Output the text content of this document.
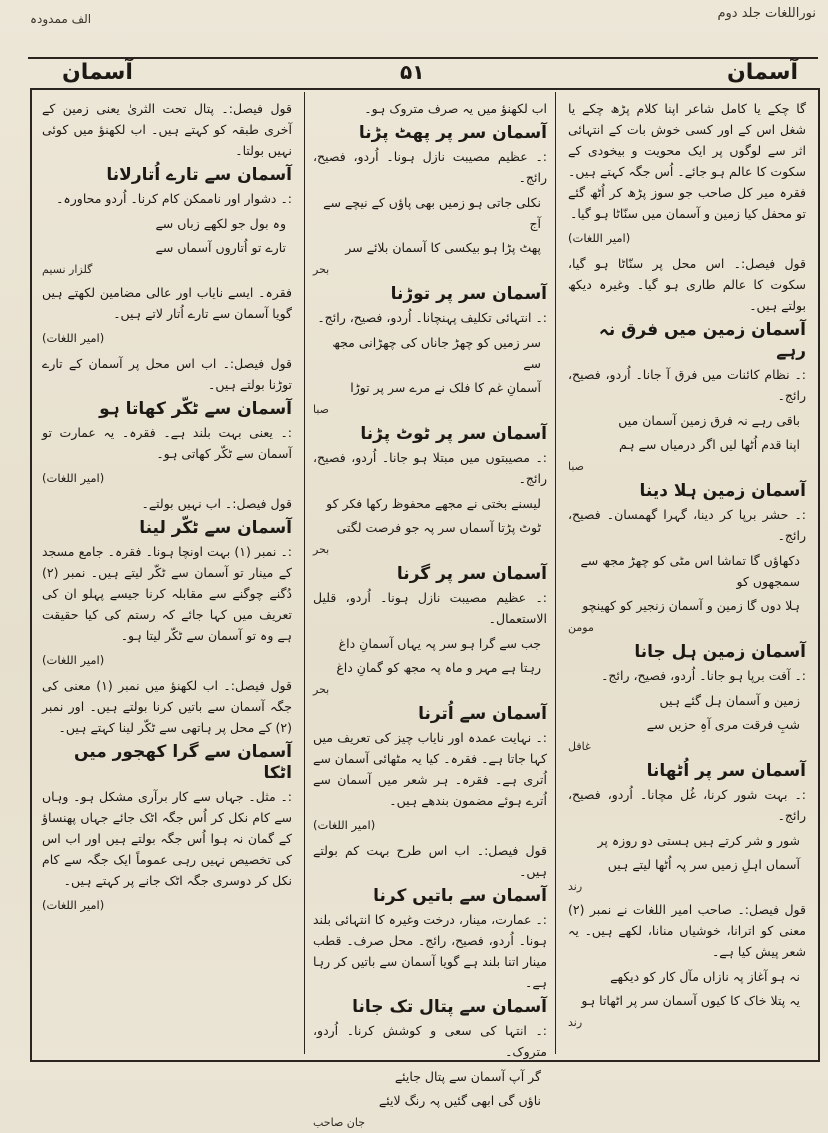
نوراللغات جلد دوم
الف ممدودہ
آسمان	۵۱	آسمان

گا چکے یا کامل شاعر اپنا کلام پڑھ چکے یا شغل اس کے اور کسی خوش بات کے انتہائی اثر سے لوگوں پر ایک محویت و بیخودی کے سکوت کا عالم ہو جائے۔ اُس جگہ کہتے ہیں۔ فقرہ میر کل صاحب جو سوز پڑھ کر اُٹھ گئے تو محفل کیا زمین و آسمان میں سنّاٹا ہو گیا۔

(امیر اللغات)

قول فیصل:۔ اس محل پر سنّاٹا ہو گیا، سکوت کا عالم طاری ہو گیا۔ وغیرہ دیکھ بولتے ہیں۔

آسمان زمین میں فرق نہ رہے

:۔ نظام کائنات میں فرق آ جانا۔ اُردو، فصیح، رائج۔

باقی رہے نہ فرق زمین آسمان میں
اپنا قدم اُٹھا لیں اگر درمیاں سے ہم
صبا
آسمان زمین ہلا دینا

:۔ حشر برپا کر دینا، گہرا گھمسان۔ فصیح، رائج۔

دکھاؤں گا تماشا اس مٹی کو چھڑ مجھ سے سمجھوں کو
ہلا دوں گا زمین و آسمان زنجیر کو کھینچو
مومن
آسمان زمین ہل جانا

:۔ آفت برپا ہو جانا۔ اُردو، فصیح، رائج۔

زمین و آسمان ہل گئے ہیں
شبِ فرقت مری آہِ حزیں سے
غافل
آسمان سر پر اُٹھانا

:۔ بہت شور کرنا، غُل مچانا۔ اُردو، فصیح، رائج۔

شور و شر کرتے ہیں ہستی دو روزہ پر
آسماں اہلِ زمیں سر پہ اُٹھا لیتے ہیں
رند

قول فیصل:۔ صاحب امیر اللغات نے نمبر (۲) معنی کو اترانا، خوشیاں منانا، لکھے ہیں۔ یہ شعر پیش کیا ہے۔

نہ ہو آغاز پہ نازاں مآل کار کو دیکھے
یہ پتلا خاک کا کیوں آسمان سر پر اٹھاتا ہو
رند

اب لکھنؤ میں یہ صرف متروک ہو۔

آسمان سر پر پھٹ پڑنا

:۔ عظیم مصیبت نازل ہونا۔ اُردو، فصیح، رائج۔

نکلی جاتی ہو زمیں بھی پاؤں کے نیچے سے آج
پھٹ پڑا ہو بیکسی کا آسمان بلائے سر
بحر
آسمان سر پر توڑنا

:۔ انتہائی تکلیف پہنچانا۔ اُردو، فصیح، رائج۔

سر زمیں کو چھڑ جاناں کی چھڑانی مجھ سے
آسمانِ غم کا فلک نے مرے سر پر توڑا
صبا
آسمان سر پر ٹوٹ پڑنا

:۔ مصیبتوں میں مبتلا ہو جانا۔ اُردو، فصیح، رائج۔

لیسنے بختی نے مجھے محفوظ رکھا فکر کو
ٹوٹ پڑتا آسماں سر پہ جو فرصت لگتی
بحر
آسمان سر پر گرنا

:۔ عظیم مصیبت نازل ہونا۔ اُردو، قلیل الاستعمال۔

جب سے گرا ہو سر پہ یہاں آسمانِ داغ
رہتا ہے مہر و ماہ پہ مجھ کو گمانِ داغ
بحر
آسمان سے اُترنا

:۔ نہایت عمدہ اور نایاب چیز کی تعریف میں کہا جاتا ہے۔ فقرہ۔ کیا یہ مٹھائی آسمان سے اُتری ہے۔ فقرہ۔ ہر شعر میں آسمان سے اُترے ہوئے مضمون بندھے ہیں۔

(امیر اللغات)

قول فیصل:۔ اب اس طرح بہت کم بولتے ہیں۔

آسمان سے باتیں کرنا

:۔ عمارت، مینار، درخت وغیرہ کا انتہائی بلند ہونا۔ اُردو، فصیح، رائج۔ محل صرف۔ قطب مینار اتنا بلند ہے گویا آسمان سے باتیں کر رہا ہے۔

آسمان سے پتال تک جانا

:۔ انتہا کی سعی و کوشش کرنا۔ اُردو، متروک۔

گر آپ آسمان سے پتال جایئے
ناؤں گی ابھی گئیں پہ رنگ لایئے
جان صاحب

قول فیصل:۔ پتال تحت الثریٰ یعنی زمین کے آخری طبقہ کو کہتے ہیں۔ اب لکھنؤ میں کوئی نہیں بولتا۔

آسمان سے تارے اُتارلانا

:۔ دشوار اور ناممکن کام کرنا۔ اُردو محاورہ۔

وہ بول جو لکھے زباں سے
تارے تو اُتاروں آسماں سے
گلزار نسیم

فقرہ۔ ایسے نایاب اور عالی مضامین لکھتے ہیں گویا آسمان سے تارے اُتار لاتے ہیں۔

(امیر اللغات)

قول فیصل:۔ اب اس محل پر آسمان کے تارے توڑنا بولتے ہیں۔

آسمان سے ٹکّر کھاتا ہو

:۔ یعنی بہت بلند ہے۔ فقرہ۔ یہ عمارت تو آسمان سے ٹکّر کھاتی ہو۔

(امیر اللغات)

قول فیصل:۔ اب نہیں بولتے۔

آسمان سے ٹکّر لینا

:۔ نمبر (۱) بہت اونچا ہونا۔ فقرہ۔ جامع مسجد کے مینار تو آسمان سے ٹکّر لیتے ہیں۔ نمبر (۲) دُگنے چوگنے سے مقابلہ کرنا جیسے پہلو ان کی تعریف میں کہا جائے کہ رستم کی کیا حقیقت ہے وہ تو آسمان سے ٹکّر لیتا ہو۔

(امیر اللغات)

قول فیصل:۔ اب لکھنؤ میں نمبر (۱) معنی کی جگہ آسمان سے باتیں کرنا بولتے ہیں۔ اور نمبر (۲) کے محل پر ہاتھی سے ٹکّر لینا کہتے ہیں۔

آسمان سے گرا کھجور میں اٹکا

:۔ مثل۔ جہاں سے کار برآری مشکل ہو۔ وہاں سے کام نکل کر اُس جگہ اٹک جائے جہاں پھنساؤ کے گمان نہ ہوا اُس جگہ بولتے ہیں اور اب اس کی تخصیص نہیں رہی عموماً ایک جگہ سے کام نکل کر دوسری جگہ اٹک جانے پر کہتے ہیں۔

(امیر اللغات)
